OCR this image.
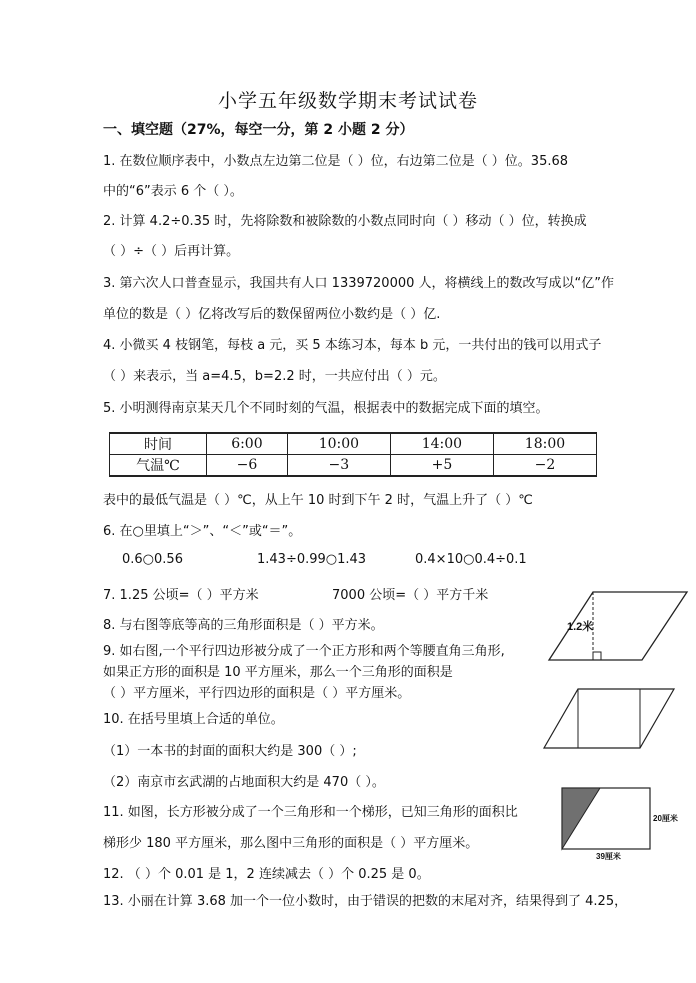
小学五年级数学期末考试试卷
一、填空题（27%，每空一分，第 2 小题 2 分）
1. 在数位顺序表中，小数点左边第二位是（ ）位，右边第二位是（ ）位。35.68
中的“6”表示 6 个（ ）。
2. 计算 4.2÷0.35 时，先将除数和被除数的小数点同时向（ ）移动（ ）位，转换成
（ ）÷（ ）后再计算。
3. 第六次人口普查显示，我国共有人口 1339720000 人，将横线上的数改写成以“亿”作
单位的数是（ ）亿将改写后的数保留两位小数约是（ ）亿.
4. 小微买 4 枝钢笔，每枝 a 元，买 5 本练习本，每本 b 元，一共付出的钱可以用式子
（ ）来表示，当 a=4.5，b=2.2 时，一共应付出（ ）元。
5. 小明测得南京某天几个不同时刻的气温，根据表中的数据完成下面的填空。
时间	6:00	10:00	14:00	18:00
气温℃	−6	−3	+5	−2
表中的最低气温是（ ）℃，从上午 10 时到下午 2 时，气温上升了（ ）℃
6. 在○里填上“＞”、“＜”或“＝”。
0.6○0.56	1.43÷0.99○1.43	0.4×10○0.4÷0.1
7. 1.25 公顷=（ ）平方米	7000 公顷=（ ）平方千米
8. 与右图等底等高的三角形面积是（ ）平方米。
9. 如右图,一个平行四边形被分成了一个正方形和两个等腰直角三角形,
如果正方形的面积是 10 平方厘米，那么一个三角形的面积是
（ ）平方厘米，平行四边形的面积是（ ）平方厘米。
10. 在括号里填上合适的单位。
（1）一本书的封面的面积大约是 300（ ）;
（2）南京市玄武湖的占地面积大约是 470（ ）。
11. 如图，长方形被分成了一个三角形和一个梯形，已知三角形的面积比
梯形少 180 平方厘米，那么图中三角形的面积是（ ）平方厘米。
12. （ ）个 0.01 是 1，2 连续减去（ ）个 0.25 是 0。
13. 小丽在计算 3.68 加一个一位小数时，由于错误的把数的末尾对齐，结果得到了 4.25，
1.2米
20厘米
39厘米
